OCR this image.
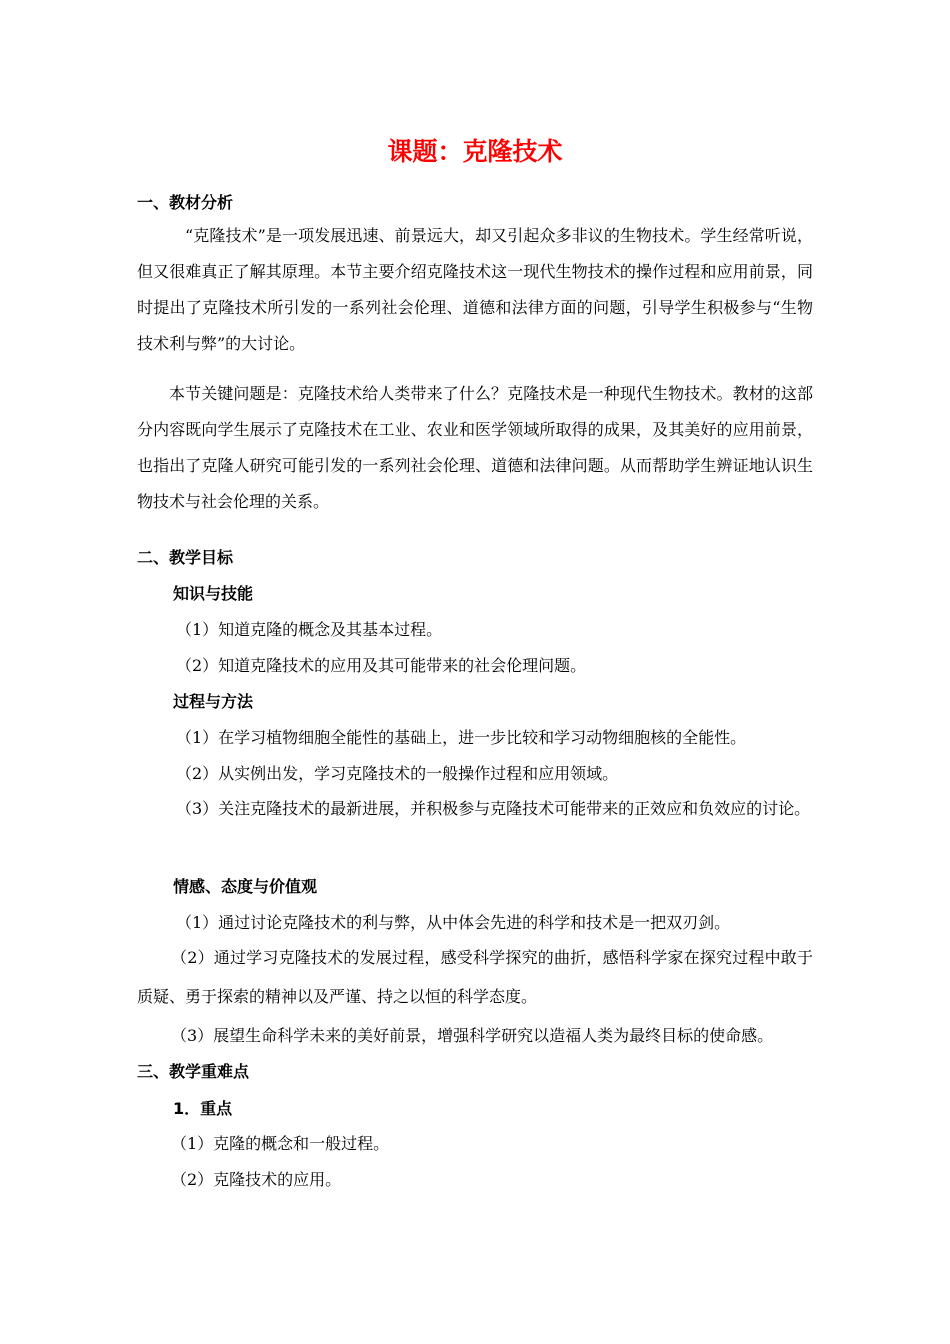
课题：克隆技术
一、教材分析
“克隆技术”是一项发展迅速、前景远大，却又引起众多非议的生物技术。学生经常听说，但又很难真正了解其原理。本节主要介绍克隆技术这一现代生物技术的操作过程和应用前景，同时提出了克隆技术所引发的一系列社会伦理、道德和法律方面的问题，引导学生积极参与“生物技术利与弊”的大讨论。
本节关键问题是：克隆技术给人类带来了什么？克隆技术是一种现代生物技术。教材的这部分内容既向学生展示了克隆技术在工业、农业和医学领域所取得的成果，及其美好的应用前景，也指出了克隆人研究可能引发的一系列社会伦理、道德和法律问题。从而帮助学生辨证地认识生物技术与社会伦理的关系。
二、教学目标
知识与技能
（1）知道克隆的概念及其基本过程。
（2）知道克隆技术的应用及其可能带来的社会伦理问题。
过程与方法
（1）在学习植物细胞全能性的基础上，进一步比较和学习动物细胞核的全能性。
（2）从实例出发，学习克隆技术的一般操作过程和应用领域。
（3）关注克隆技术的最新进展，并积极参与克隆技术可能带来的正效应和负效应的讨论。
情感、态度与价值观
（1）通过讨论克隆技术的利与弊，从中体会先进的科学和技术是一把双刃剑。
（2）通过学习克隆技术的发展过程，感受科学探究的曲折，感悟科学家在探究过程中敢于质疑、勇于探索的精神以及严谨、持之以恒的科学态度。
（3）展望生命科学未来的美好前景，增强科学研究以造福人类为最终目标的使命感。
三、教学重难点
1．重点
（1）克隆的概念和一般过程。
（2）克隆技术的应用。
